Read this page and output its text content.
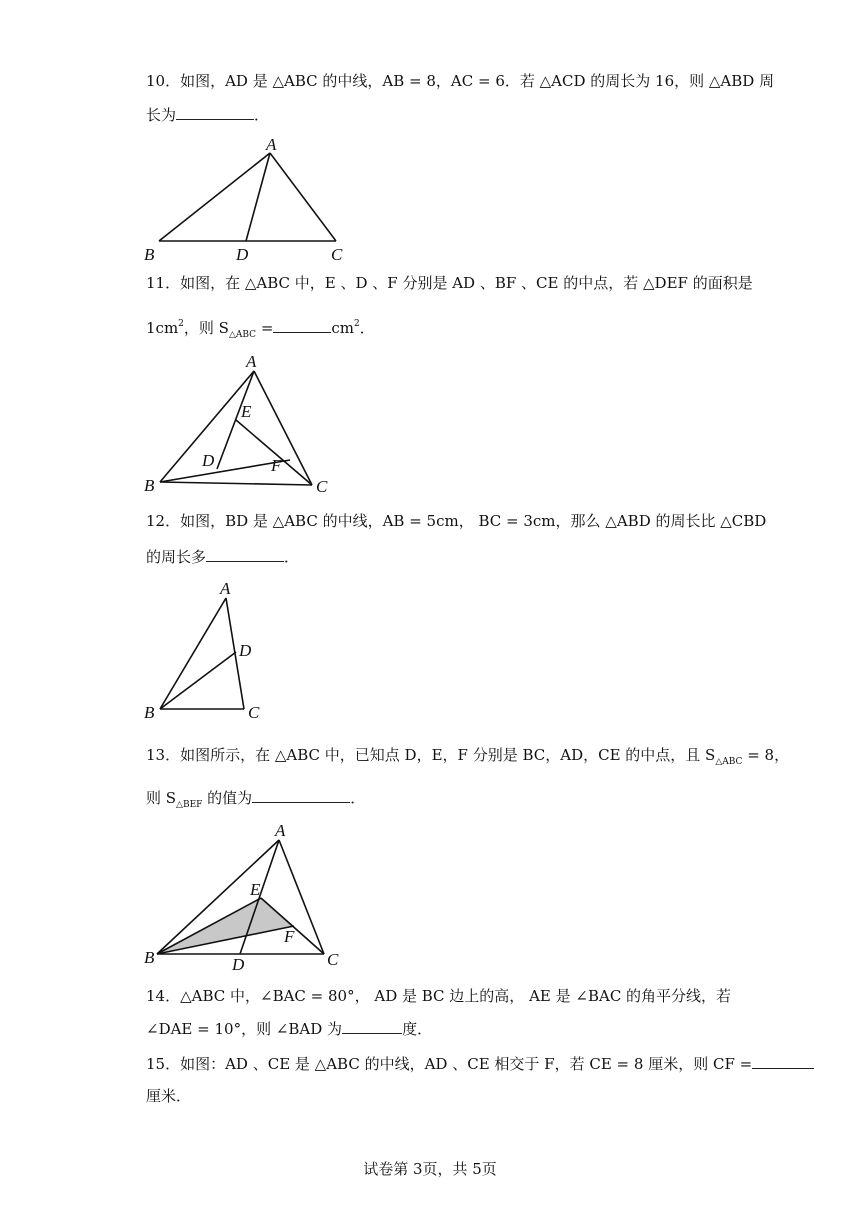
10．如图，AD 是 △ABC 的中线，AB = 8，AC = 6．若 △ACD 的周长为 16，则 △ABD 周
长为	．
A
B	D	C
11．如图，在 △ABC 中，E 、D 、F 分别是 AD 、BF 、CE 的中点，若 △DEF 的面积是
$1cm^2$，则 $S_{\triangle ABC}$ =	$cm^2$．
A
E
D	F
B	C
12．如图，BD 是 △ABC 的中线，AB = 5cm， BC = 3cm，那么 △ABD 的周长比 △CBD
的周长多	．
A
D
B	C
13．如图所示，在 △ABC 中，已知点 D，E，F 分别是 BC，AD，CE 的中点，且 $S_{\triangle ABC} = 8$，
则 $S_{\triangle BEF}$ 的值为	．
A
E
F
B	D	C
14．△ABC 中，∠BAC = 80°， AD 是 BC 边上的高， AE 是 ∠BAC 的角平分线，若
∠DAE = 10°，则 ∠BAD 为	度．
15．如图：AD 、CE 是 △ABC 的中线，AD 、CE 相交于 F，若 CE = 8 厘米，则 CF =
厘米．
试卷第 3页，共 5页
